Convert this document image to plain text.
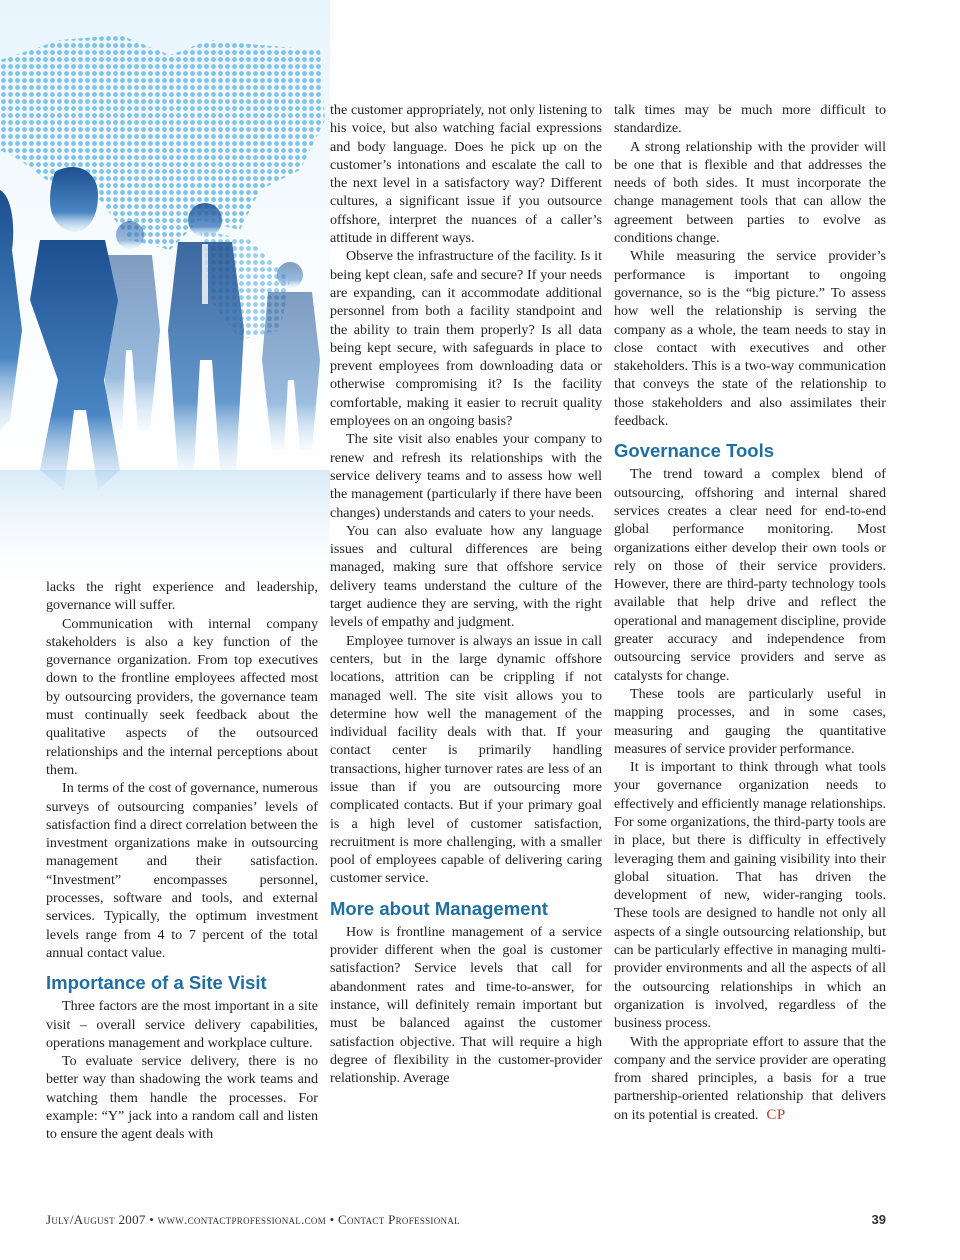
lacks the right experience and leadership, governance will suffer.

Communication with internal company stakeholders is also a key function of the governance organization. From top executives down to the frontline employees affected most by outsourcing providers, the governance team must continually seek feedback about the qualitative aspects of the outsourced relationships and the internal perceptions about them.

In terms of the cost of governance, numerous surveys of outsourcing companies’ levels of satisfaction find a direct correlation between the investment organizations make in outsourcing management and their satisfaction. “Investment” encompasses personnel, processes, software and tools, and external services. Typically, the optimum investment levels range from 4 to 7 percent of the total annual contact value.

Importance of a Site Visit

Three factors are the most important in a site visit – overall service delivery capabilities, operations management and workplace culture.

To evaluate service delivery, there is no better way than shadowing the work teams and watching them handle the processes. For example: “Y” jack into a random call and listen to ensure the agent deals with

the customer appropriately, not only listening to his voice, but also watching facial expressions and body language. Does he pick up on the customer’s intonations and escalate the call to the next level in a satisfactory way? Different cultures, a significant issue if you outsource offshore, interpret the nuances of a caller’s attitude in different ways.

Observe the infrastructure of the facility. Is it being kept clean, safe and secure? If your needs are expanding, can it accommodate additional personnel from both a facility standpoint and the ability to train them properly? Is all data being kept secure, with safeguards in place to prevent employees from downloading data or otherwise compromising it? Is the facility comfortable, making it easier to recruit quality employees on an ongoing basis?

The site visit also enables your company to renew and refresh its relationships with the service delivery teams and to assess how well the management (particularly if there have been changes) understands and caters to your needs.

You can also evaluate how any language issues and cultural differences are being managed, making sure that offshore service delivery teams understand the culture of the target audience they are serving, with the right levels of empathy and judgment.

Employee turnover is always an issue in call centers, but in the large dynamic offshore locations, attrition can be crippling if not managed well. The site visit allows you to determine how well the management of the individual facility deals with that. If your contact center is primarily handling transactions, higher turnover rates are less of an issue than if you are outsourcing more complicated contacts. But if your primary goal is a high level of customer satisfaction, recruitment is more challenging, with a smaller pool of employees capable of delivering caring customer service.

More about Management

How is frontline management of a service provider different when the goal is customer satisfaction? Service levels that call for abandonment rates and time-to-answer, for instance, will definitely remain important but must be balanced against the customer satisfaction objective. That will require a high degree of flexibility in the customer-provider relationship. Average

talk times may be much more difficult to standardize.

A strong relationship with the provider will be one that is flexible and that addresses the needs of both sides. It must incorporate the change management tools that can allow the agreement between parties to evolve as conditions change.

While measuring the service provider’s performance is important to ongoing governance, so is the “big picture.” To assess how well the relationship is serving the company as a whole, the team needs to stay in close contact with executives and other stakeholders. This is a two-way communication that conveys the state of the relationship to those stakeholders and also assimilates their feedback.

Governance Tools

The trend toward a complex blend of outsourcing, offshoring and internal shared services creates a clear need for end-to-end global performance monitoring. Most organizations either develop their own tools or rely on those of their service providers. However, there are third-party technology tools available that help drive and reflect the operational and management discipline, provide greater accuracy and independence from outsourcing service providers and serve as catalysts for change.

These tools are particularly useful in mapping processes, and in some cases, measuring and gauging the quantitative measures of service provider performance.

It is important to think through what tools your governance organization needs to effectively and efficiently manage relationships. For some organizations, the third-party tools are in place, but there is difficulty in effectively leveraging them and gaining visibility into their global situation. That has driven the development of new, wider-ranging tools. These tools are designed to handle not only all aspects of a single outsourcing relationship, but can be particularly effective in managing multi-provider environments and all the aspects of all the outsourcing relationships in which an organization is involved, regardless of the business process.

With the appropriate effort to assure that the company and the service provider are operating from shared principles, a basis for a true partnership-oriented relationship that delivers on its potential is created. CP

July/August 2007 • www.contactprofessional.com • Contact Professional	39
